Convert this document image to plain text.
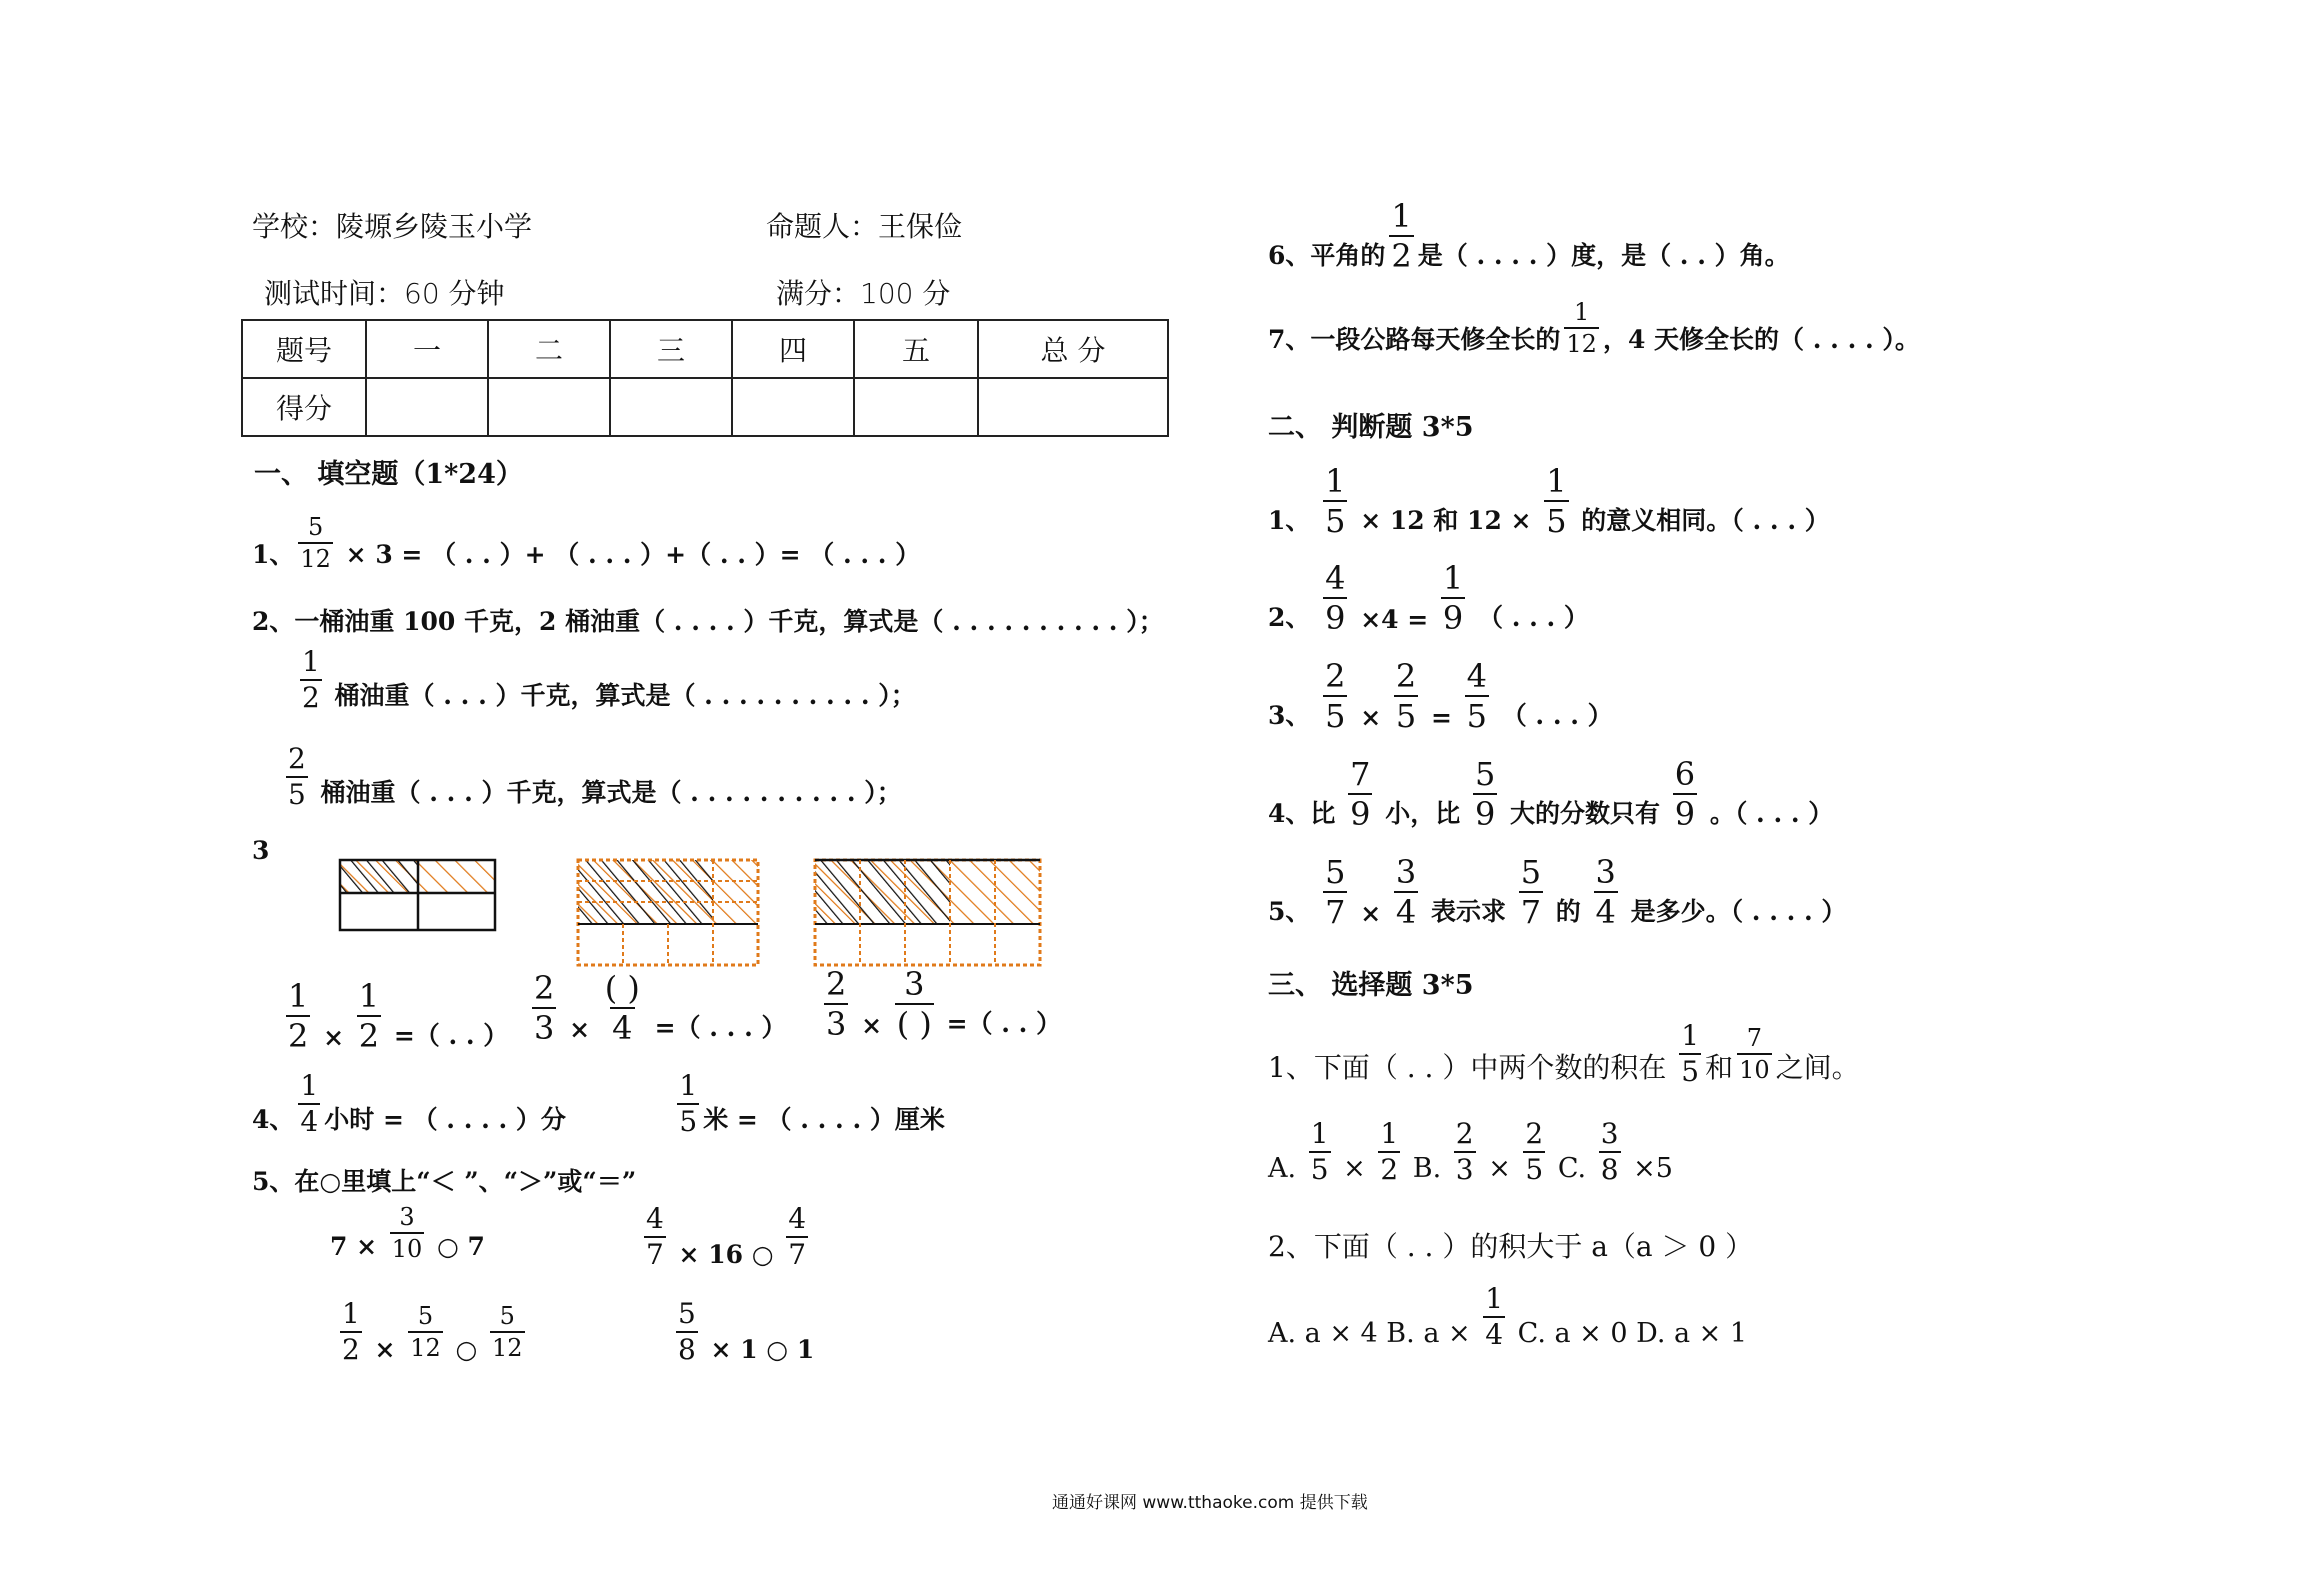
学校：陵塬乡陵玉小学	命题人：王保俭
测试时间：60 分钟	满分：100 分
题号	一	二	三	四	五	总 分
得分						
一、 填空题（1*24）
1、 $\frac{5}{12} \times 3$ = （ . . ）+ （ . . . ）+（ . . ）= （ . . . ）
2、一桶油重 100 千克，2 桶油重（ . . . . ）千克，算式是（ . . . . . . . . . . ）；
$\frac{1}{2}$ 桶油重（ . . . ）千克，算式是（ . . . . . . . . . . ）；
$\frac{2}{5}$ 桶油重（ . . . ）千克，算式是（ . . . . . . . . . . ）；
3
$\frac{1}{2} \times \frac{1}{2}$ =（ . . ） $\frac{2}{3} \times \frac{( )}{4}$ =（ . . . ） $\frac{2}{3} \times \frac{3}{( )}$ =（ . . ）
4、 $\frac{1}{4}$ 小时 = （ . . . . ）分	$\frac{1}{5}$ 米 = （ . . . . ）厘米
5、在○里填上“＜ ”、“＞”或“＝”
$7 \times \frac{3}{10}$ ○ 7	$\frac{4}{7} \times 16$ ○ $\frac{4}{7}$
$\frac{1}{2} \times \frac{5}{12}$ ○ $\frac{5}{12}$	$\frac{5}{8} \times 1$ ○ 1
6、平角的 $\frac{1}{2}$ 是（ . . . . ）度，是（ . . ）角。
7、一段公路每天修全长的 $\frac{1}{12}$ ，4 天修全长的（ . . . . ）。
二、 判断题 3*5
1、 $\frac{1}{5} \times 12$ 和 $12 \times \frac{1}{5}$ 的意义相同。（ . . . ）
2、 $\frac{4}{9} \times 4 = \frac{1}{9}$ （ . . . ）
3、 $\frac{2}{5} \times \frac{2}{5} = \frac{4}{5}$ （ . . . ）
4、比 $\frac{7}{9}$ 小，比 $\frac{5}{9}$ 大的分数只有 $\frac{6}{9}$ 。（ . . . ）
5、 $\frac{5}{7} \times \frac{3}{4}$ 表示求 $\frac{5}{7}$ 的 $\frac{3}{4}$ 是多少。（ . . . . ）
三、 选择题 3*5
1、下面（ . . ）中两个数的积在 $\frac{1}{5}$ 和 $\frac{7}{10}$ 之间。
A. $\frac{1}{5} \times \frac{1}{2} B$. $\frac{2}{3} \times \frac{2}{5} C$. $\frac{3}{8} \times 5$
2、下面（ . . ）的积大于 a（a ＞ 0 ）
A. a × 4 B. $a \times \frac{1}{4} C$. a × 0 D. a × 1
通通好课网 www.tthaoke.com 提供下载
